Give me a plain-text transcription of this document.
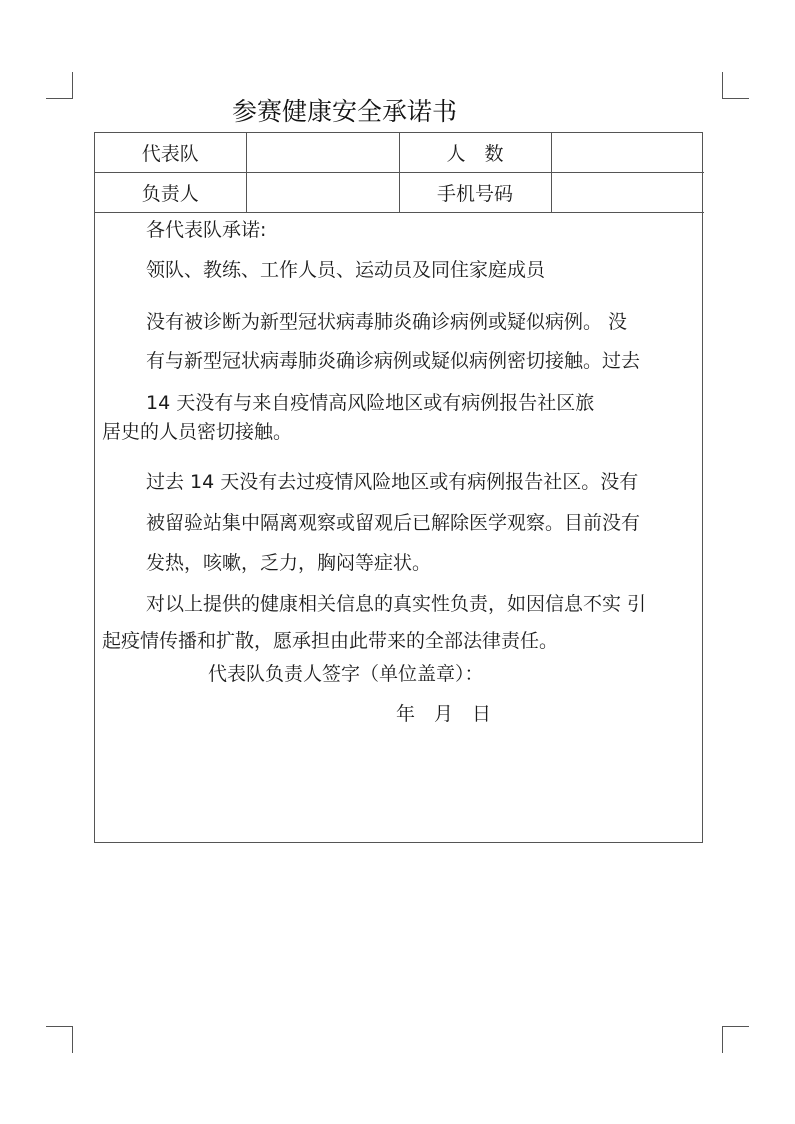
参赛健康安全承诺书
代表队		人　数	
负责人		手机号码	
各代表队承诺:
领队、教练、工作人员、运动员及同住家庭成员
没有被诊断为新型冠状病毒肺炎确诊病例或疑似病例。 没
有与新型冠状病毒肺炎确诊病例或疑似病例密切接触。过去
14 天没有与来自疫情高风险地区或有病例报告社区旅
居史的人员密切接触。
过去 14 天没有去过疫情风险地区或有病例报告社区。没有
被留验站集中隔离观察或留观后已解除医学观察。目前没有
发热，咳嗽，乏力，胸闷等症状。
对以上提供的健康相关信息的真实性负责，如因信息不实 引
起疫情传播和扩散，愿承担由此带来的全部法律责任。
代表队负责人签字（单位盖章）：
年　月　日
